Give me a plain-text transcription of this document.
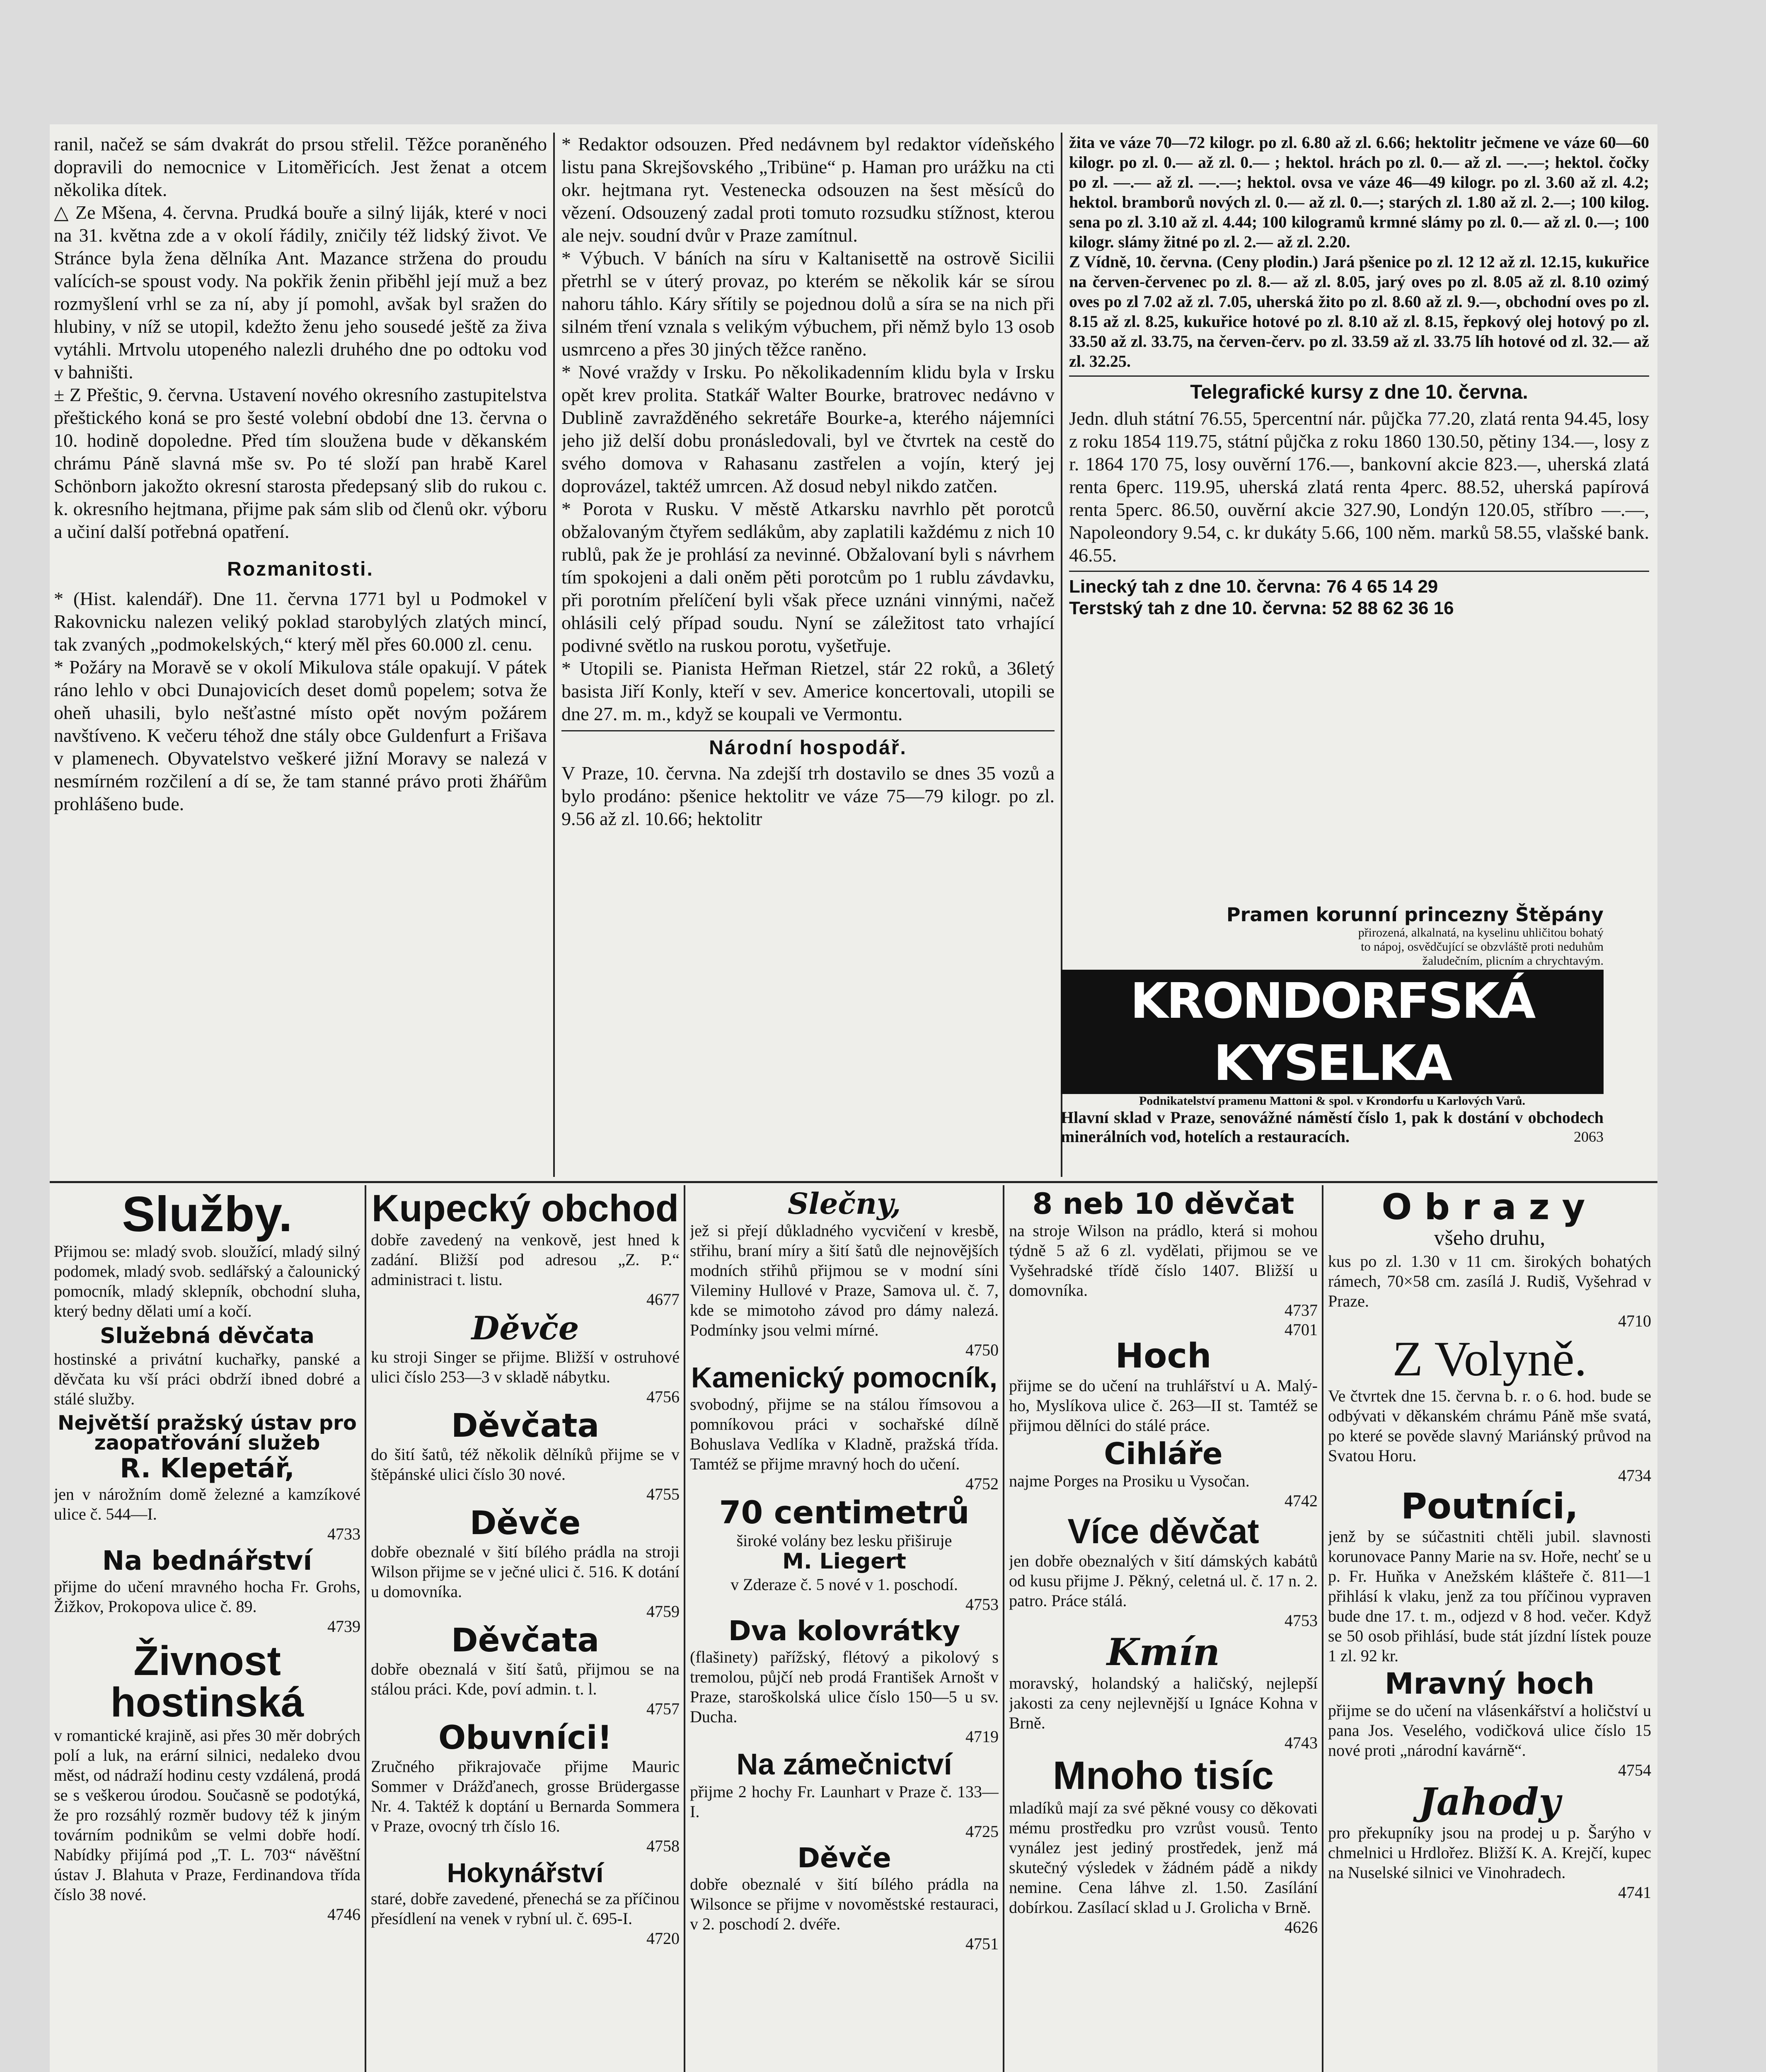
ranil, načež se sám dvakrát do prsou střelil. Těžce poraněného dopravili do nemocnice v Litoměřicích. Jest ženat a otcem několika dítek.

△ Ze Mšena, 4. června. Prudká bouře a silný liják, které v noci na 31. května zde a v okolí řádily, zničily též lidský život. Ve Stránce byla žena dělníka Ant. Mazance stržena do proudu valících-se spoust vody. Na pokřik ženin přiběhl její muž a bez rozmyšlení vrhl se za ní, aby jí pomohl, avšak byl sražen do hlubiny, v níž se utopil, kdežto ženu jeho sousedé ještě za živa vytáhli. Mrtvolu utopeného nalezli druhého dne po odtoku vod v bahništi.

± Z Přeštic, 9. června. Ustavení nového okresního zastupitelstva přeštického koná se pro šesté volební období dne 13. června o 10. hodině dopoledne. Před tím sloužena bude v děkanském chrámu Páně slavná mše sv. Po té složí pan hrabě Karel Schönborn jakožto okresní starosta předepsaný slib do rukou c. k. okresního hejtmana, přijme pak sám slib od členů okr. výboru a učiní další potřebná opatření.

Rozmanitosti.

* (Hist. kalendář). Dne 11. června 1771 byl u Podmokel v Rakovnicku nalezen veliký poklad starobylých zlatých mincí, tak zvaných „podmokelských,“ který měl přes 60.000 zl. cenu.

* Požáry na Moravě se v okolí Mikulova stále opakují. V pátek ráno lehlo v obci Dunajovicích deset domů popelem; sotva že oheň uhasili, bylo nešťastné místo opět novým požárem navštíveno. K večeru téhož dne stály obce Guldenfurt a Frišava v plamenech. Obyvatelstvo veškeré jižní Moravy se nalezá v nesmírném rozčilení a dí se, že tam stanné právo proti žhářům prohlášeno bude.

* Redaktor odsouzen. Před nedávnem byl redaktor vídeňského listu pana Skrejšovského „Tribüne“ p. Haman pro urážku na cti okr. hejtmana ryt. Vestenecka odsouzen na šest měsíců do vězení. Odsouzený zadal proti tomuto rozsudku stížnost, kterou ale nejv. soudní dvůr v Praze zamítnul.

* Výbuch. V báních na síru v Kaltanisettě na ostrově Sicilii přetrhl se v úterý provaz, po kterém se několik kár se sírou nahoru táhlo. Káry sřítily se pojednou dolů a síra se na nich při silném tření vznala s velikým výbuchem, při němž bylo 13 osob usmrceno a přes 30 jiných těžce raněno.

* Nové vraždy v Irsku. Po několikadenním klidu byla v Irsku opět krev prolita. Statkář Walter Bourke, bratrovec nedávno v Dublině zavražděného sekretáře Bourke-a, kterého nájemníci jeho již delší dobu pronásledovali, byl ve čtvrtek na cestě do svého domova v Rahasanu zastřelen a vojín, který jej doprovázel, taktéž umrcen. Až dosud nebyl nikdo zatčen.

* Porota v Rusku. V městě Atkarsku navrhlo pět porotců obžalovaným čtyřem sedlákům, aby zaplatili každému z nich 10 rublů, pak že je prohlásí za nevinné. Obžalovaní byli s návrhem tím spokojeni a dali oněm pěti porotcům po 1 rublu závdavku, při porotním přelíčení byli však přece uznáni vinnými, načež ohlásili celý případ soudu. Nyní se záležitost tato vrhající podivné světlo na ruskou porotu, vyšetřuje.

* Utopili se. Pianista Heřman Rietzel, stár 22 roků, a 36letý basista Jiří Konly, kteří v sev. Americe koncertovali, utopili se dne 27. m. m., když se koupali ve Vermontu.

Národní hospodář.

V Praze, 10. června. Na zdejší trh dostavilo se dnes 35 vozů a bylo prodáno: pšenice hektolitr ve váze 75—79 kilogr. po zl. 9.56 až zl. 10.66; hektolitr

žita ve váze 70—72 kilogr. po zl. 6.80 až zl. 6.66; hektolitr ječmene ve váze 60—60 kilogr. po zl. 0.— až zl. 0.— ; hektol. hrách po zl. 0.— až zl. —.—; hektol. čočky po zl. —.— až zl. —.—; hektol. ovsa ve váze 46—49 kilogr. po zl. 3.60 až zl. 4.2; hektol. bramborů nových zl. 0.— až zl. 0.—; starých zl. 1.80 až zl. 2.—; 100 kilog. sena po zl. 3.10 až zl. 4.44; 100 kilogramů krmné slámy po zl. 0.— až zl. 0.—; 100 kilogr. slámy žitné po zl. 2.— až zl. 2.20.

Z Vídně, 10. června. (Ceny plodin.) Jará pšenice po zl. 12 12 až zl. 12.15, kukuřice na červen-červenec po zl. 8.— až zl. 8.05, jarý oves po zl. 8.05 až zl. 8.10 ozimý oves po zl 7.02 až zl. 7.05, uherská žito po zl. 8.60 až zl. 9.—, obchodní oves po zl. 8.15 až zl. 8.25, kukuřice hotové po zl. 8.10 až zl. 8.15, řepkový olej hotový po zl. 33.50 až zl. 33.75, na červen-červ. po zl. 33.59 až zl. 33.75 líh hotové od zl. 32.— až zl. 32.25.

Telegrafické kursy z dne 10. června.

Jedn. dluh státní 76.55, 5percentní nár. půjčka 77.20, zlatá renta 94.45, losy z roku 1854 119.75, státní půjčka z roku 1860 130.50, pětiny 134.—, losy z r. 1864 170 75, losy ouvěrní 176.—, bankovní akcie 823.—, uherská zlatá renta 6perc. 119.95, uherská zlatá renta 4perc. 88.52, uherská papírová renta 5perc. 86.50, ouvěrní akcie 327.90, Londýn 120.05, stříbro —.—, Napoleondory 9.54, c. kr dukáty 5.66, 100 něm. marků 58.55, vlašské bank. 46.55.

Linecký tah z dne 10. června: 76 4 65 14 29

Terstský tah z dne 10. června: 52 88 62 36 16

Pramen korunní princezny Štěpány
přirozená, alkalnatá, na kyselinu uhličitou bohatý to nápoj, osvědčující se obzvláště proti neduhům žaludečním, plicním a chrychtavým.
KRONDORFSKÁ KYSELKA
Podnikatelství pramenu Mattoni & spol. v Krondorfu u Karlových Varů.
Hlavní sklad v Praze, senovážné náměstí číslo 1, pak k dostání v obchodech minerálních vod, hotelích a restauracích.	2063

Služby.

Přijmou se: mladý svob. sloužící, mladý silný podomek, mladý svob. sedlářský a čalounický pomocník, mladý sklepník, obchodní sluha, který bedny dělati umí a kočí.

Služebná děvčata

hostinské a privátní kuchařky, panské a děvčata ku vší práci obdrží ibned dobré a stálé služby.

Největší pražský ústav pro zaopatřování služeb

R. Klepetář,

jen v nárožním domě železné a kamzíkové ulice č. 544—I.

4733

Na bednářství

přijme do učení mravného hocha Fr. Grohs, Žižkov, Prokopova ulice č. 89.

4739

Živnost hostinská

v romantické krajině, asi přes 30 měr dobrých polí a luk, na erární silnici, nedaleko dvou měst, od nádraží hodinu cesty vzdálená, prodá se s veškerou úrodou. Současně se podotýká, že pro rozsáhlý rozměr budovy též k jiným továrním podnikům se velmi dobře hodí. Nabídky přijímá pod „T. L. 703“ návěštní ústav J. Blahuta v Praze, Ferdinandova třída číslo 38 nové.

4746

Kupecký obchod

dobře zavedený na venkově, jest hned k zadání. Bližší pod adresou „Z. P.“ administraci t. listu.

4677

Děvče

ku stroji Singer se přijme. Bližší v ostruhové ulici číslo 253—3 v skladě nábytku.

4756

Děvčata

do šití šatů, též několik dělníků přijme se v štěpánské ulici číslo 30 nové.

4755

Děvče

dobře obeznalé v šití bílého prádla na stroji Wilson přijme se v ječné ulici č. 516. K dotání u domovníka.

4759

Děvčata

dobře obeznalá v šití šatů, přijmou se na stálou práci. Kde, poví admin. t. l.

4757

Obuvníci!

Zručného přikrajovače přijme Mauric Sommer v Drážďanech, grosse Brüdergasse Nr. 4. Taktéž k doptání u Bernarda Sommera v Praze, ovocný trh číslo 16.

4758

Hokynářství

staré, dobře zavedené, přenechá se za příčinou přesídlení na venek v rybní ul. č. 695-I.

4720

Slečny,

jež si přejí důkladného vycvičení v kresbě, střihu, braní míry a šití šatů dle nejnovějších modních střihů přijmou se v modní síni Vileminy Hullové v Praze, Samova ul. č. 7, kde se mimotoho závod pro dámy nalezá. Podmínky jsou velmi mírné.

4750

Kamenický pomocník,

svobodný, přijme se na stálou římsovou a pomníkovou práci v sochařské dílně Bohuslava Vedlíka v Kladně, pražská třída. Tamtéž se přijme mravný hoch do učení.

4752

70 centimetrů

široké volány bez lesku přiširuje

M. Liegert

v Zderaze č. 5 nové v 1. poschodí.

4753

Dva kolovrátky

(flašinety) pařížský, flétový a pikolový s tremolou, půjčí neb prodá František Arnošt v Praze, staroškolská ulice číslo 150—5 u sv. Ducha.

4719

Na zámečnictví

přijme 2 hochy Fr. Launhart v Praze č. 133—I.

4725

Děvče

dobře obeznalé v šití bílého prádla na Wilsonce se přijme v novoměstské restauraci, v 2. poschodí 2. dvéře.

4751

8 neb 10 děvčat

na stroje Wilson na prádlo, která si mohou týdně 5 až 6 zl. vydělati, přijmou se ve Vyšehradské třídě číslo 1407. Bližší u domovníka.

4737

4701

Hoch

přijme se do učení na truhlářství u A. Malý-ho, Myslíkova ulice č. 263—II st. Tamtéž se přijmou dělníci do stálé práce.

Cihláře

najme Porges na Prosiku u Vysočan.

4742

Více děvčat

jen dobře obeznalých v šití dámských kabátů od kusu přijme J. Pěkný, celetná ul. č. 17 n. 2. patro. Práce stálá.

4753

Kmín

moravský, holandský a haličský, nejlepší jakosti za ceny nejlevnější u Ignáce Kohna v Brně.

4743

Mnoho tisíc

mladíků mají za své pěkné vousy co děkovati mému prostředku pro vzrůst vousů. Tento vynález jest jediný prostředek, jenž má skutečný výsledek v žádném pádě a nikdy nemine. Cena láhve zl. 1.50. Zasílání dobírkou. Zasílací sklad u J. Grolicha v Brně.

4626

Obrazy

všeho druhu,

kus po zl. 1.30 v 11 cm. širokých bohatých rámech, 70×58 cm. zasílá J. Rudiš, Vyšehrad v Praze.

4710

Z Volyně.

Ve čtvrtek dne 15. června b. r. o 6. hod. bude se odbývati v děkanském chrámu Páně mše svatá, po které se pověde slavný Mariánský průvod na Svatou Horu.

4734

Poutníci,

jenž by se súčastniti chtěli jubil. slavnosti korunovace Panny Marie na sv. Hoře, nechť se u p. Fr. Huňka v Anežském klášteře č. 811—1 přihlásí k vlaku, jenž za tou příčinou vypraven bude dne 17. t. m., odjezd v 8 hod. večer. Když se 50 osob přihlásí, bude stát jízdní lístek pouze 1 zl. 92 kr.

Mravný hoch

přijme se do učení na vlásenkářství a holičství u pana Jos. Veselého, vodičková ulice číslo 15 nové proti „národní kavárně“.

4754

Jahody

pro překupníky jsou na prodej u p. Šarýho v chmelnici u Hrdlořez. Bližší K. A. Krejčí, kupec na Nuselské silnici ve Vinohradech.

4741
